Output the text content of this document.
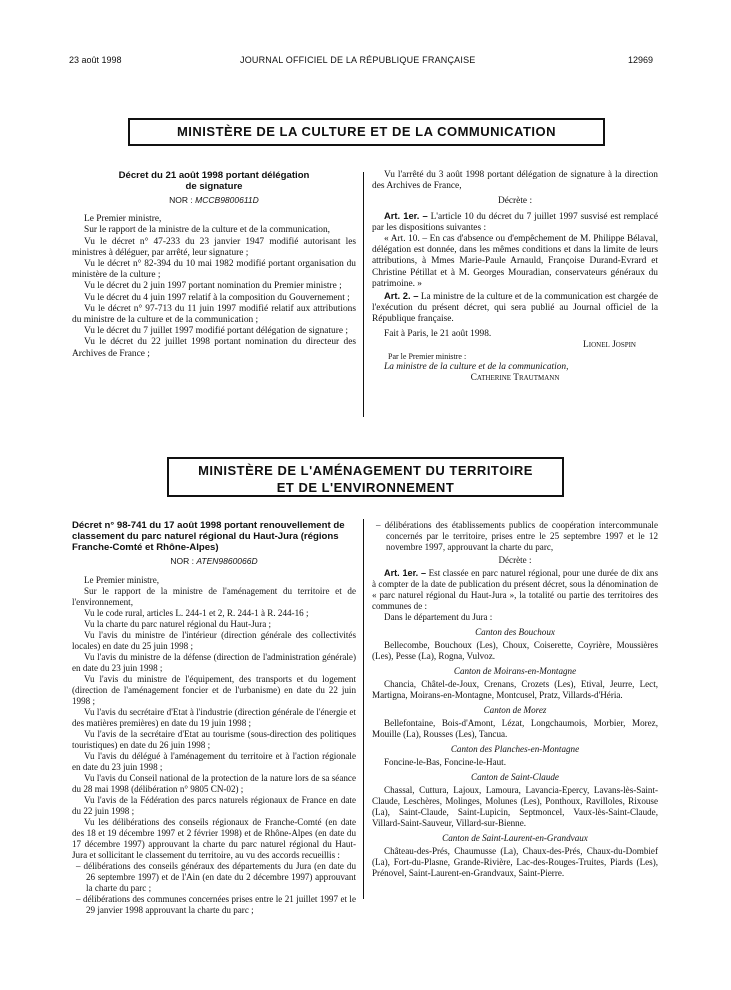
23 août 1998	JOURNAL OFFICIEL DE LA RÉPUBLIQUE FRANÇAISE	12969
MINISTÈRE DE LA CULTURE ET DE LA COMMUNICATION

Décret du 21 août 1998 portant délégation de signature

NOR : MCCB9800611D

Le Premier ministre,

Sur le rapport de la ministre de la culture et de la communication,

Vu le décret n° 47-233 du 23 janvier 1947 modifié autorisant les ministres à déléguer, par arrêté, leur signature ;

Vu le décret n° 82-394 du 10 mai 1982 modifié portant organisation du ministère de la culture ;

Vu le décret du 2 juin 1997 portant nomination du Premier ministre ;

Vu le décret du 4 juin 1997 relatif à la composition du Gouvernement ;

Vu le décret n° 97-713 du 11 juin 1997 modifié relatif aux attributions du ministre de la culture et de la communication ;

Vu le décret du 7 juillet 1997 modifié portant délégation de signature ;

Vu le décret du 22 juillet 1998 portant nomination du directeur des Archives de France ;

Vu l'arrêté du 3 août 1998 portant délégation de signature à la direction des Archives de France,

Décrète :

Art. 1er. – L'article 10 du décret du 7 juillet 1997 susvisé est remplacé par les dispositions suivantes :

« Art. 10. – En cas d'absence ou d'empêchement de M. Philippe Bélaval, délégation est donnée, dans les mêmes conditions et dans la limite de leurs attributions, à Mmes Marie-Paule Arnauld, Françoise Durand-Evrard et Christine Pétillat et à M. Georges Mouradian, conservateurs généraux du patrimoine. »

Art. 2. – La ministre de la culture et de la communication est chargée de l'exécution du présent décret, qui sera publié au Journal officiel de la République française.

Fait à Paris, le 21 août 1998.

Lionel Jospin

Par le Premier ministre :

La ministre de la culture et de la communication,

Catherine Trautmann

MINISTÈRE DE L'AMÉNAGEMENT DU TERRITOIRE
ET DE L'ENVIRONNEMENT

Décret n° 98-741 du 17 août 1998 portant renouvellement de classement du parc naturel régional du Haut-Jura (régions Franche-Comté et Rhône-Alpes)

NOR : ATEN9860066D

Le Premier ministre,

Sur le rapport de la ministre de l'aménagement du territoire et de l'environnement,

Vu le code rural, articles L. 244-1 et 2, R. 244-1 à R. 244-16 ;

Vu la charte du parc naturel régional du Haut-Jura ;

Vu l'avis du ministre de l'intérieur (direction générale des collectivités locales) en date du 25 juin 1998 ;

Vu l'avis du ministre de la défense (direction de l'administration générale) en date du 23 juin 1998 ;

Vu l'avis du ministre de l'équipement, des transports et du logement (direction de l'aménagement foncier et de l'urbanisme) en date du 22 juin 1998 ;

Vu l'avis du secrétaire d'Etat à l'industrie (direction générale de l'énergie et des matières premières) en date du 19 juin 1998 ;

Vu l'avis de la secrétaire d'Etat au tourisme (sous-direction des politiques touristiques) en date du 26 juin 1998 ;

Vu l'avis du délégué à l'aménagement du territoire et à l'action régionale en date du 23 juin 1998 ;

Vu l'avis du Conseil national de la protection de la nature lors de sa séance du 28 mai 1998 (délibération n° 9805 CN-02) ;

Vu l'avis de la Fédération des parcs naturels régionaux de France en date du 22 juin 1998 ;

Vu les délibérations des conseils régionaux de Franche-Comté (en date des 18 et 19 décembre 1997 et 2 février 1998) et de Rhône-Alpes (en date du 17 décembre 1997) approuvant la charte du parc naturel régional du Haut-Jura et sollicitant le classement du territoire, au vu des accords recueillis :

– délibérations des conseils généraux des départements du Jura (en date du 26 septembre 1997) et de l'Ain (en date du 2 décembre 1997) approuvant la charte du parc ;

– délibérations des communes concernées prises entre le 21 juillet 1997 et le 29 janvier 1998 approuvant la charte du parc ;

– délibérations des établissements publics de coopération intercommunale concernés par le territoire, prises entre le 25 septembre 1997 et le 12 novembre 1997, approuvant la charte du parc,

Décrète :

Art. 1er. – Est classée en parc naturel régional, pour une durée de dix ans à compter de la date de publication du présent décret, sous la dénomination de « parc naturel régional du Haut-Jura », la totalité ou partie des territoires des communes de :

Dans le département du Jura :

Canton des Bouchoux

Bellecombe, Bouchoux (Les), Choux, Coiserette, Coyrière, Moussières (Les), Pesse (La), Rogna, Vulvoz.

Canton de Moirans-en-Montagne

Chancia, Châtel-de-Joux, Crenans, Crozets (Les), Etival, Jeurre, Lect, Martigna, Moirans-en-Montagne, Montcusel, Pratz, Villards-d'Héria.

Canton de Morez

Bellefontaine, Bois-d'Amont, Lézat, Longchaumois, Morbier, Morez, Mouille (La), Rousses (Les), Tancua.

Canton des Planches-en-Montagne

Foncine-le-Bas, Foncine-le-Haut.

Canton de Saint-Claude

Chassal, Cuttura, Lajoux, Lamoura, Lavancia-Epercy, Lavans-lès-Saint-Claude, Leschères, Molinges, Molunes (Les), Ponthoux, Ravilloles, Rixouse (La), Saint-Claude, Saint-Lupicin, Septmoncel, Vaux-lès-Saint-Claude, Villard-Saint-Sauveur, Villard-sur-Bienne.

Canton de Saint-Laurent-en-Grandvaux

Château-des-Prés, Chaumusse (La), Chaux-des-Prés, Chaux-du-Dombief (La), Fort-du-Plasne, Grande-Rivière, Lac-des-Rouges-Truites, Piards (Les), Prénovel, Saint-Laurent-en-Grandvaux, Saint-Pierre.
